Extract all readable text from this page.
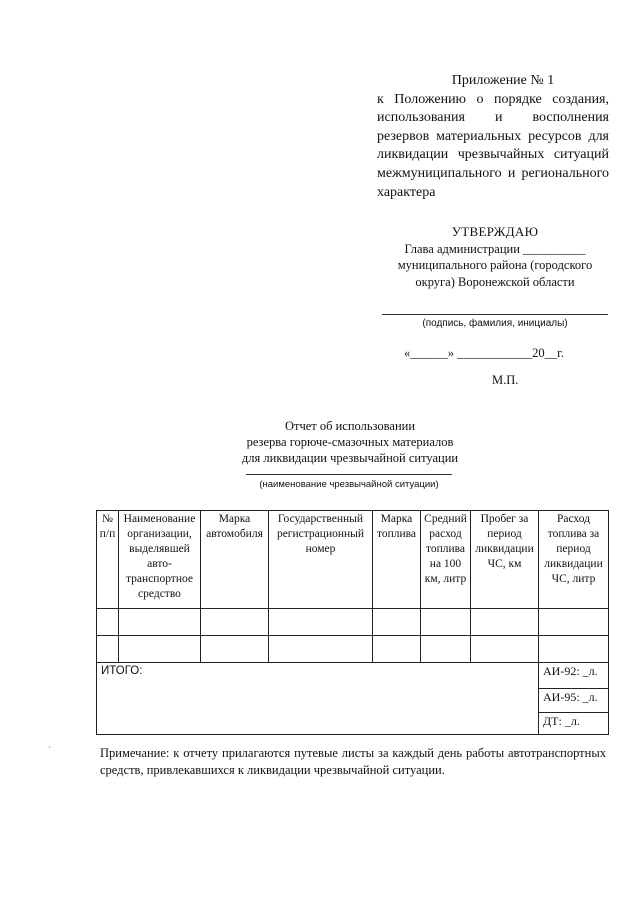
Приложение № 1
к Положению о порядке создания, использования и восполнения резервов материальных ресурсов для ликвидации чрезвычайных ситуаций межмуниципального и регионального характера
УТВЕРЖДАЮ
Глава администрации __________
муниципального района (городского
округа) Воронежской области
(подпись, фамилия, инициалы)
«______» ____________20__г.
М.П.
Отчет об использовании
резерва горюче-смазочных материалов
для ликвидации чрезвычайной ситуации
(наименование чрезвычайной ситуации)
№ п/п	Наименование организации, выделявшей авто-транспортное средство	Марка автомобиля	Государственный регистрационный номер	Марка топлива	Средний расход топлива на 100 км, литр	Пробег за период ликвидации ЧС, км	Расход топлива за период ликвидации ЧС, литр

ИТОГО:							АИ-92: _л.
							АИ-95: _л.
							ДТ: _л.
`	Примечание: к отчету прилагаются путевые листы за каждый день работы автотранспортных средств, привлекавшихся к ликвидации чрезвычайной ситуации.
